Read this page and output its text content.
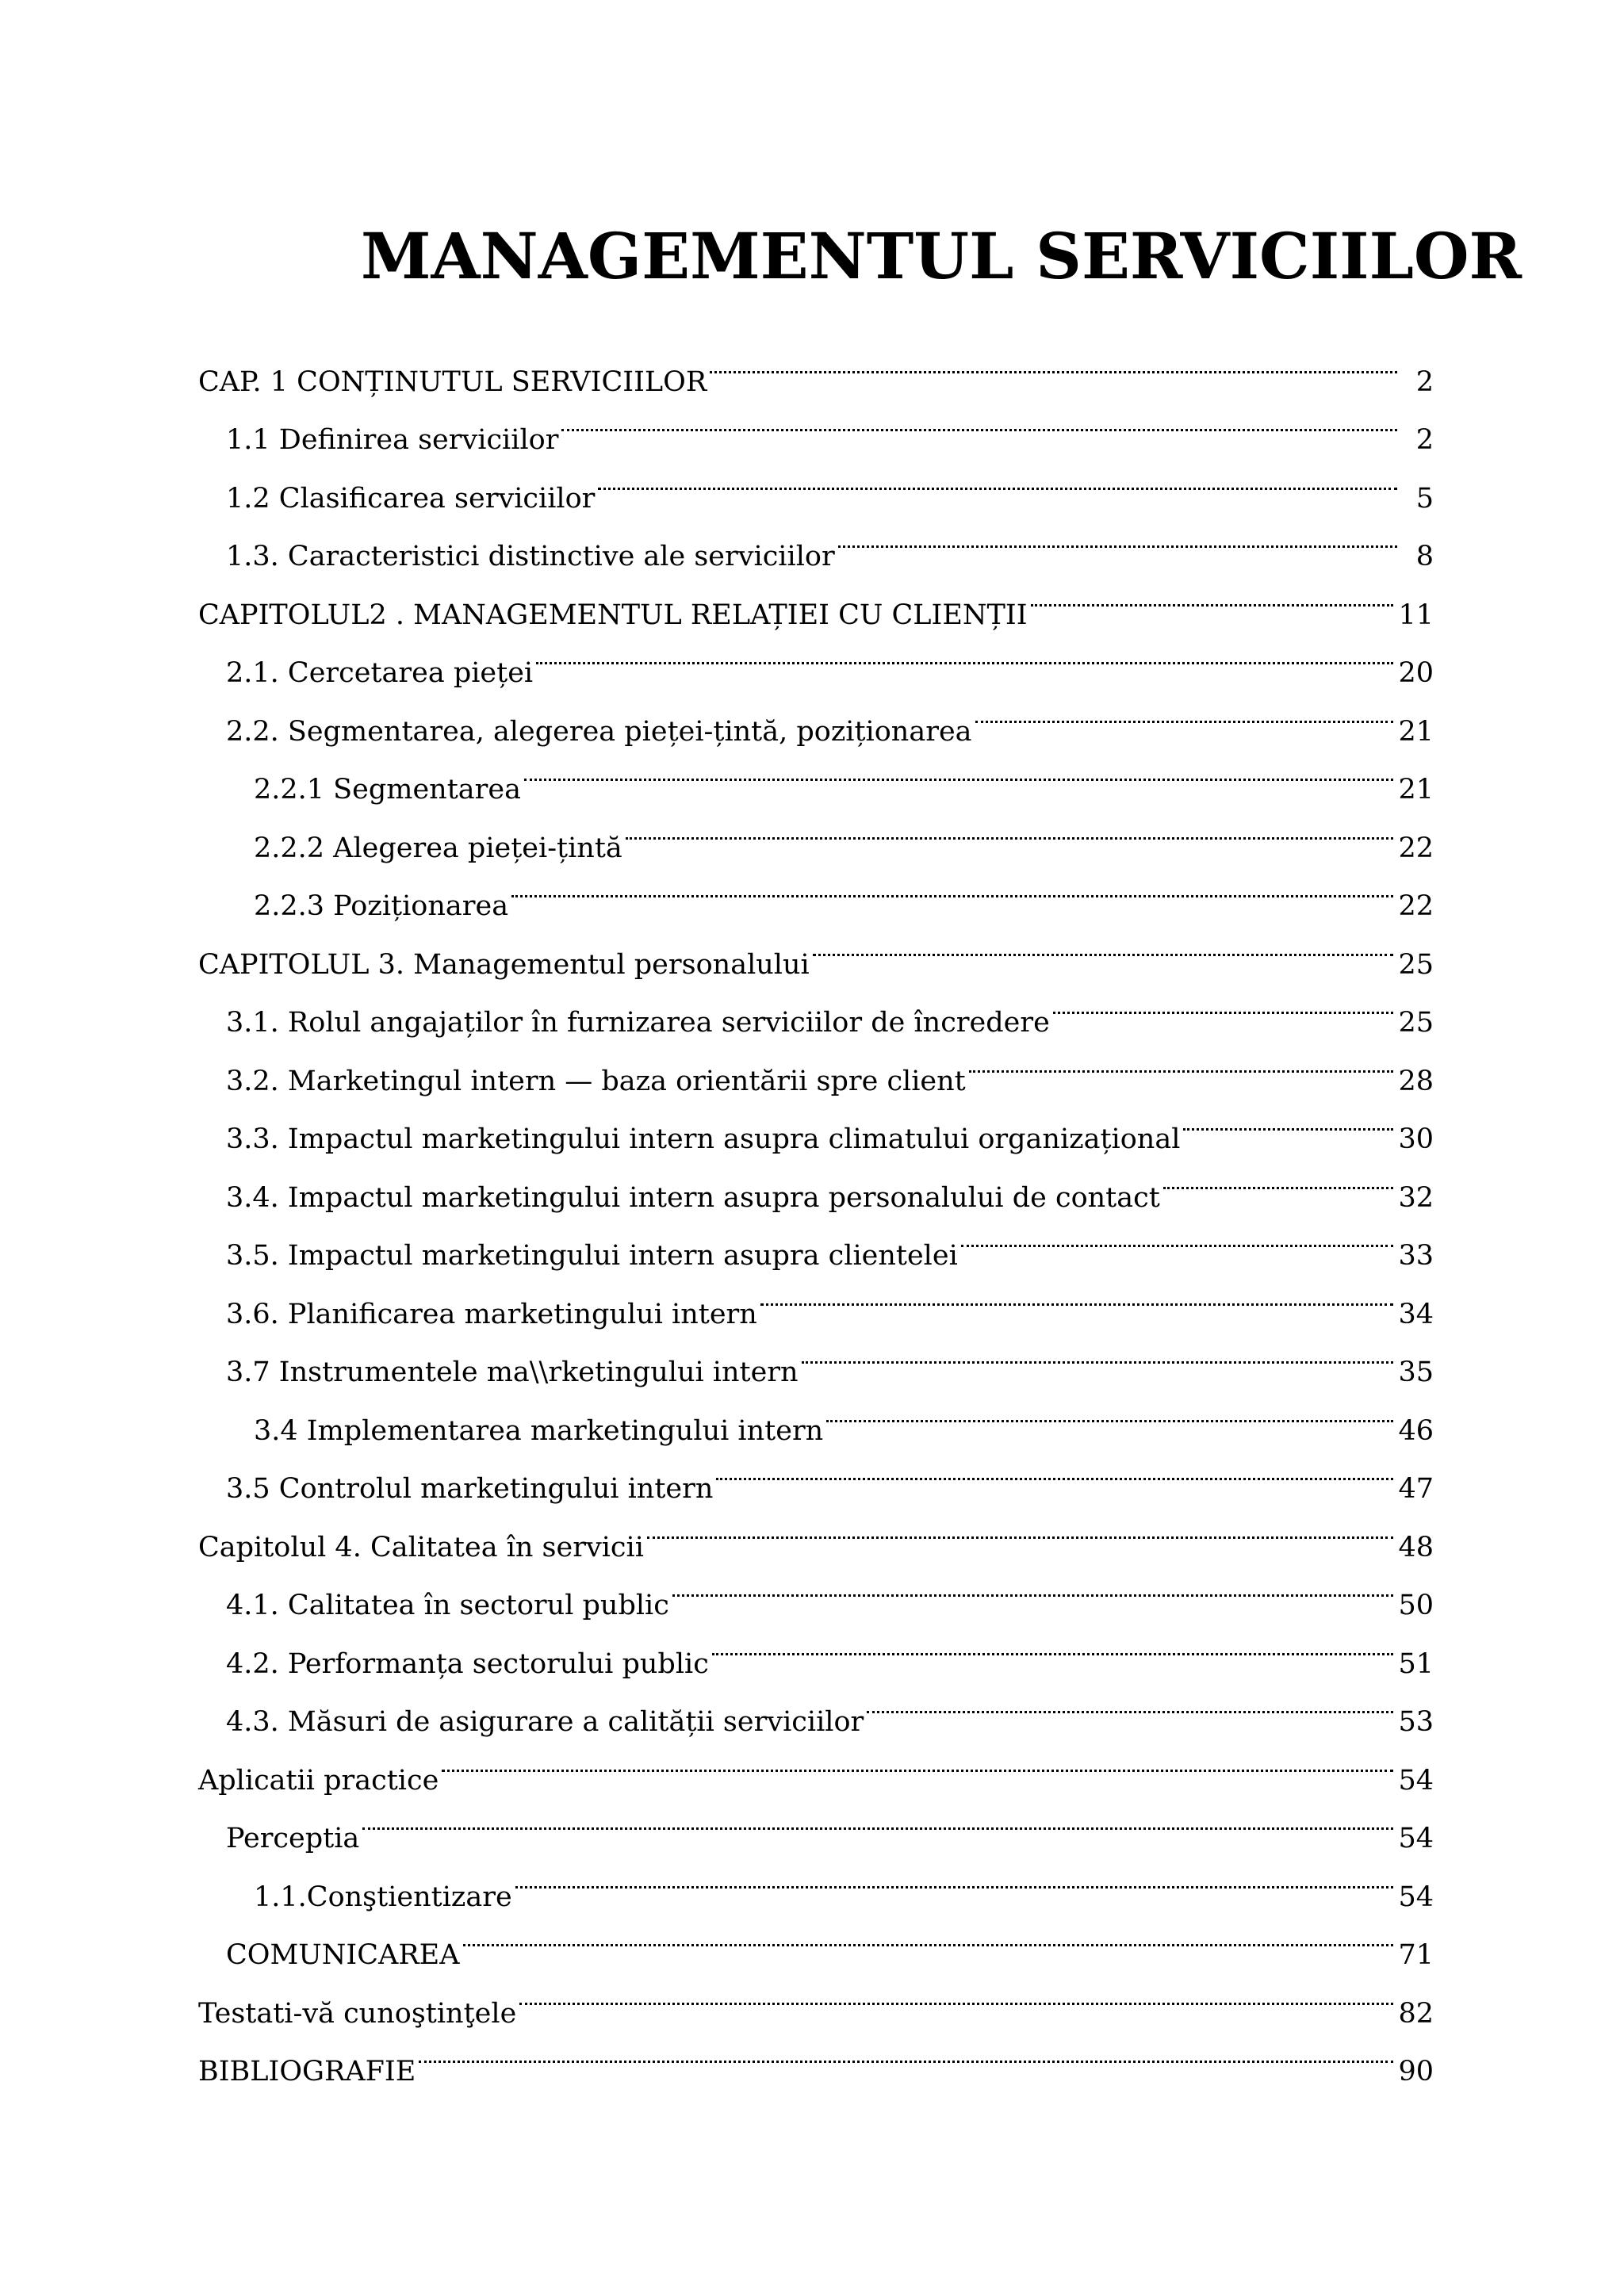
MANAGEMENTUL SERVICIILOR
CAP. 1 CONȚINUTUL SERVICIILOR	2
1.1 Definirea serviciilor	2
1.2 Clasificarea serviciilor	5
1.3. Caracteristici distinctive ale serviciilor	8
CAPITOLUL2 . MANAGEMENTUL RELAȚIEI CU CLIENȚII	11
2.1. Cercetarea pieței	20
2.2. Segmentarea, alegerea pieței-țintă, poziționarea	21
2.2.1 Segmentarea	21
2.2.2 Alegerea pieței-țintă	22
2.2.3 Poziționarea	22
CAPITOLUL 3. Managementul personalului	25
3.1. Rolul angajaților în furnizarea serviciilor de încredere	25
3.2. Marketingul intern — baza orientării spre client	28
3.3. Impactul marketingului intern asupra climatului organizațional	30
3.4. Impactul marketingului intern asupra personalului de contact	32
3.5. Impactul marketingului intern asupra clientelei	33
3.6. Planificarea marketingului intern	34
3.7 Instrumentele ma\\rketingului intern	35
3.4 Implementarea marketingului intern	46
3.5 Controlul marketingului intern	47
Capitolul 4. Calitatea în servicii	48
4.1. Calitatea în sectorul public	50
4.2. Performanța sectorului public	51
4.3. Măsuri de asigurare a calității serviciilor	53
Aplicatii practice	54
Perceptia	54
1.1.Conştientizare	54
COMUNICAREA	71
Testati-vă cunoştinţele	82
BIBLIOGRAFIE	90
